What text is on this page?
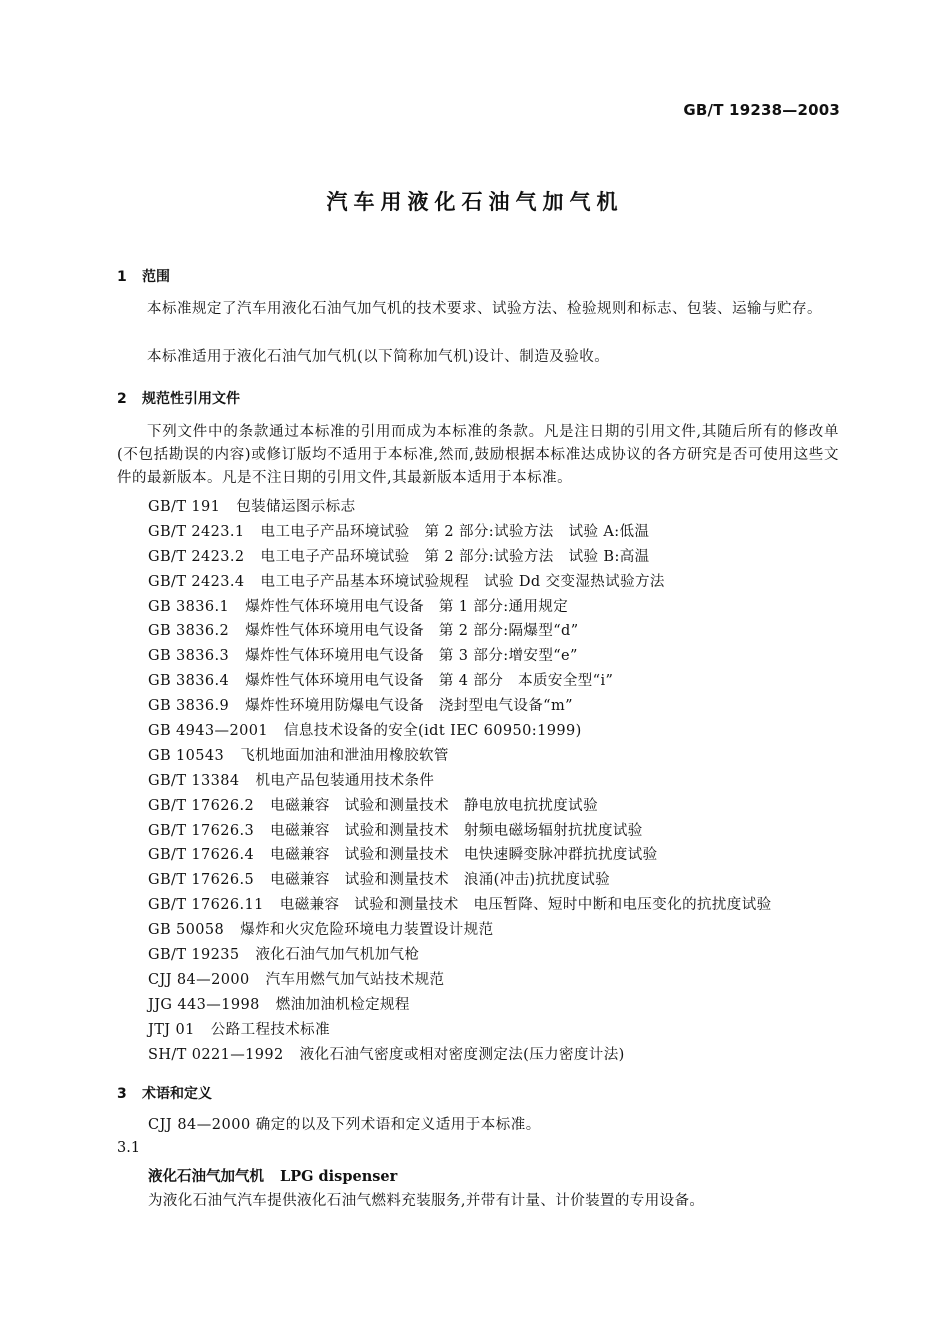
GB/T 19238—2003
汽车用液化石油气加气机
1 范围
本标准规定了汽车用液化石油气加气机的技术要求、试验方法、检验规则和标志、包装、运输与贮存。
本标准适用于液化石油气加气机(以下简称加气机)设计、制造及验收。
2 规范性引用文件
下列文件中的条款通过本标准的引用而成为本标准的条款。凡是注日期的引用文件,其随后所有的修改单(不包括勘误的内容)或修订版均不适用于本标准,然而,鼓励根据本标准达成协议的各方研究是否可使用这些文件的最新版本。凡是不注日期的引用文件,其最新版本适用于本标准。
GB/T 191 包装储运图示标志
GB/T 2423.1 电工电子产品环境试验　第 2 部分:试验方法　试验 A:低温
GB/T 2423.2 电工电子产品环境试验　第 2 部分:试验方法　试验 B:高温
GB/T 2423.4 电工电子产品基本环境试验规程　试验 Dd 交变湿热试验方法
GB 3836.1 爆炸性气体环境用电气设备　第 1 部分:通用规定
GB 3836.2 爆炸性气体环境用电气设备　第 2 部分:隔爆型“d”
GB 3836.3 爆炸性气体环境用电气设备　第 3 部分:增安型“e”
GB 3836.4 爆炸性气体环境用电气设备　第 4 部分　本质安全型“i”
GB 3836.9 爆炸性环境用防爆电气设备　浇封型电气设备“m”
GB 4943—2001 信息技术设备的安全(idt IEC 60950:1999)
GB 10543 飞机地面加油和泄油用橡胶软管
GB/T 13384 机电产品包装通用技术条件
GB/T 17626.2 电磁兼容　试验和测量技术　静电放电抗扰度试验
GB/T 17626.3 电磁兼容　试验和测量技术　射频电磁场辐射抗扰度试验
GB/T 17626.4 电磁兼容　试验和测量技术　电快速瞬变脉冲群抗扰度试验
GB/T 17626.5 电磁兼容　试验和测量技术　浪涌(冲击)抗扰度试验
GB/T 17626.11 电磁兼容　试验和测量技术　电压暂降、短时中断和电压变化的抗扰度试验
GB 50058 爆炸和火灾危险环境电力装置设计规范
GB/T 19235 液化石油气加气机加气枪
CJJ 84—2000 汽车用燃气加气站技术规范
JJG 443—1998 燃油加油机检定规程
JTJ 01 公路工程技术标准
SH/T 0221—1992 液化石油气密度或相对密度测定法(压力密度计法)
3 术语和定义
CJJ 84—2000 确定的以及下列术语和定义适用于本标准。
3.1
液化石油气加气机 LPG dispenser
为液化石油气汽车提供液化石油气燃料充装服务,并带有计量、计价装置的专用设备。
